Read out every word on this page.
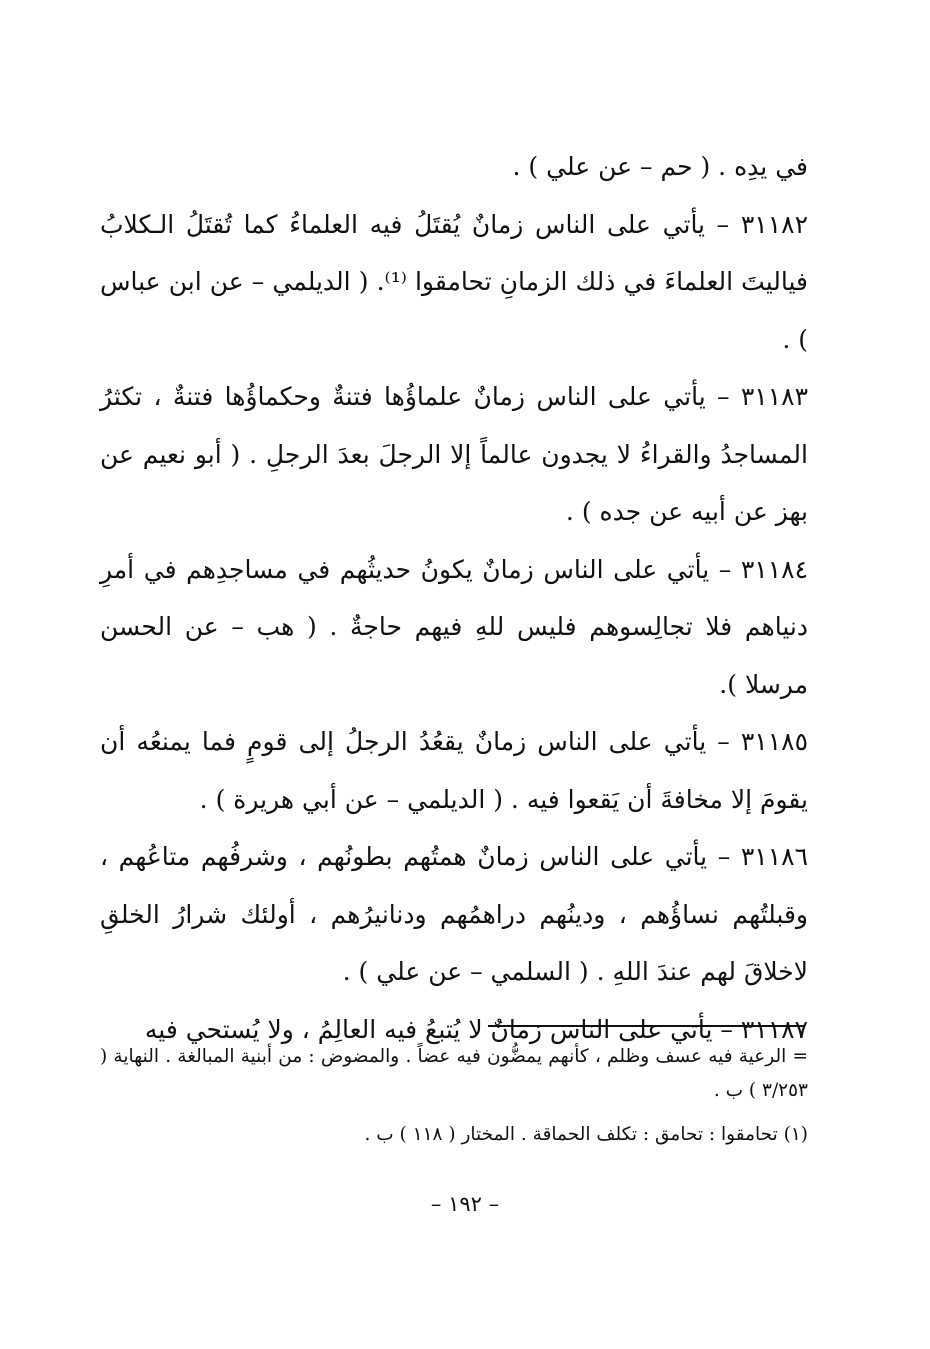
في يدِه . ( حم – عن علي ) .

٣١١٨٢ – يأتي على الناس زمانٌ يُقتَلُ فيه العلماءُ كما تُقتَلُ الـكلابُ فياليتَ العلماءَ في ذلك الزمانِ تحامقوا ⁽¹⁾. ( الديلمي – عن ابن عباس ) .

٣١١٨٣ – يأتي على الناس زمانٌ علماؤُها فتنةٌ وحكماؤُها فتنةٌ ، تكثرُ المساجدُ والقراءُ لا يجدون عالماً إلا الرجلَ بعدَ الرجلِ . ( أبو نعيم عن بهز عن أبيه عن جده ) .

٣١١٨٤ – يأتي على الناس زمانٌ يكونُ حديثُهم في مساجدِهم في أمرِ دنياهم فلا تجالِسوهم فليس للهِ فيهم حاجةٌ . ( هب – عن الحسن مرسلا ).

٣١١٨٥ – يأتي على الناس زمانٌ يقعُدُ الرجلُ إلى قومٍ فما يمنعُه أن يقومَ إلا مخافةَ أن يَقعوا فيه . ( الديلمي – عن أبي هريرة ) .

٣١١٨٦ – يأتي على الناس زمانٌ همتُهم بطونُهم ، وشرفُهم متاعُهم ، وقبلتُهم نساؤُهم ، ودينُهم دراهمُهم ودنانيرُهم ، أولئك شرارُ الخلقِ لاخلاقَ لهم عندَ اللهِ . ( السلمي – عن علي ) .

٣١١٨٧ – يأتي على الناس زمانٌ لا يُتبعُ فيه العالِمُ ، ولا يُستحي فيه

= الرعية فيه عسف وظلم ، كأنهم يمضُّون فيه عضاً . والمضوض : من أبنية المبالغة . النهاية ( ٣/٢٥٣ ) ب .

(١) تحامقوا : تحامق : تكلف الحماقة . المختار ( ١١٨ ) ب .

– ١٩٢ –
